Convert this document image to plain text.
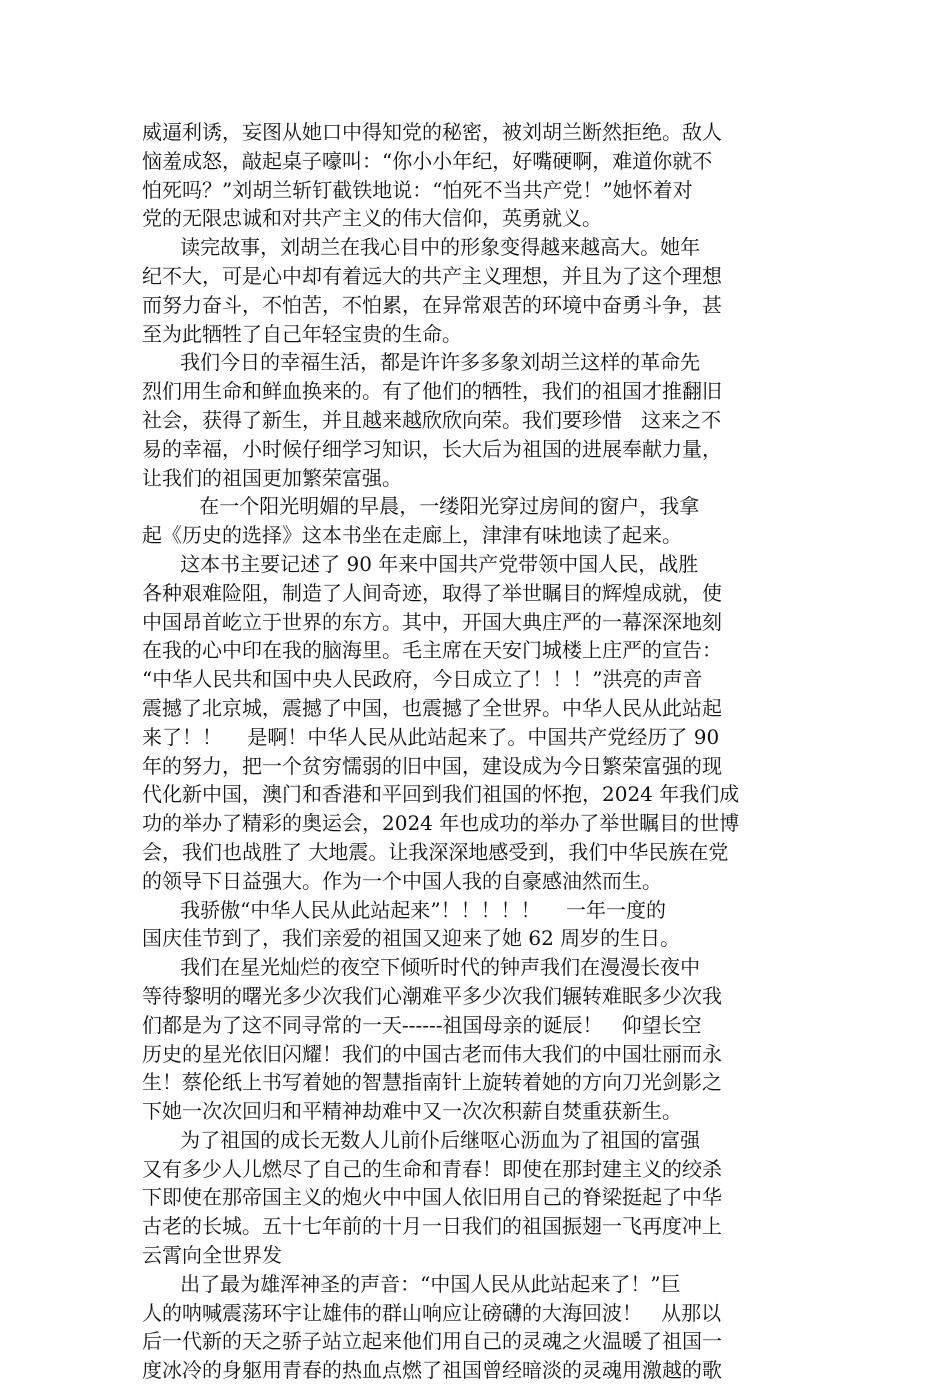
威逼利诱，妄图从她口中得知党的秘密，被刘胡兰断然拒绝。敌人
恼羞成怒，敲起桌子嚎叫：“你小小年纪，好嘴硬啊，难道你就不
怕死吗？”刘胡兰斩钉截铁地说：“怕死不当共产党！”她怀着对
党的无限忠诚和对共产主义的伟大信仰，英勇就义。
读完故事，刘胡兰在我心目中的形象变得越来越高大。她年
纪不大，可是心中却有着远大的共产主义理想，并且为了这个理想
而努力奋斗，不怕苦，不怕累，在异常艰苦的环境中奋勇斗争，甚
至为此牺牲了自己年轻宝贵的生命。
我们今日的幸福生活，都是许许多多象刘胡兰这样的革命先
烈们用生命和鲜血换来的。有了他们的牺牲，我们的祖国才推翻旧
社会，获得了新生，并且越来越欣欣向荣。我们要珍惜   这来之不
易的幸福，小时候仔细学习知识，长大后为祖国的进展奉献力量，
让我们的祖国更加繁荣富强。
在一个阳光明媚的早晨，一缕阳光穿过房间的窗户，我拿
起《历史的选择》这本书坐在走廊上，津津有味地读了起来。
这本书主要记述了 90 年来中国共产党带领中国人民，战胜
各种艰难险阻，制造了人间奇迹，取得了举世瞩目的辉煌成就，使
中国昂首屹立于世界的东方。其中，开国大典庄严的一幕深深地刻
在我的心中印在我的脑海里。毛主席在天安门城楼上庄严的宣告：
“中华人民共和国中央人民政府，今日成立了！！！”洪亮的声音
震撼了北京城，震撼了中国，也震撼了全世界。中华人民从此站起
来了！！    是啊！中华人民从此站起来了。中国共产党经历了 90
年的努力，把一个贫穷懦弱的旧中国，建设成为今日繁荣富强的现
代化新中国，澳门和香港和平回到我们祖国的怀抱，2024 年我们成
功的举办了精彩的奥运会，2024 年也成功的举办了举世瞩目的世博
会，我们也战胜了 大地震。让我深深地感受到，我们中华民族在党
的领导下日益强大。作为一个中国人我的自豪感油然而生。
我骄傲“中华人民从此站起来”！！！！！    一年一度的
国庆佳节到了，我们亲爱的祖国又迎来了她 62 周岁的生日。
我们在星光灿烂的夜空下倾听时代的钟声我们在漫漫长夜中
等待黎明的曙光多少次我们心潮难平多少次我们辗转难眠多少次我
们都是为了这不同寻常的一天------祖国母亲的诞辰！   仰望长空
历史的星光依旧闪耀！我们的中国古老而伟大我们的中国壮丽而永
生！蔡伦纸上书写着她的智慧指南针上旋转着她的方向刀光剑影之
下她一次次回归和平精神劫难中又一次次积薪自焚重获新生。
为了祖国的成长无数人儿前仆后继呕心沥血为了祖国的富强
又有多少人儿燃尽了自己的生命和青春！即使在那封建主义的绞杀
下即使在那帝国主义的炮火中中国人依旧用自己的脊梁挺起了中华
古老的长城。五十七年前的十月一日我们的祖国振翅一飞再度冲上
云霄向全世界发
出了最为雄浑神圣的声音：“中国人民从此站起来了！”巨
人的呐喊震荡环宇让雄伟的群山响应让磅礴的大海回波！   从那以
后一代新的天之骄子站立起来他们用自己的灵魂之火温暖了祖国一
度冰冷的身躯用青春的热血点燃了祖国曾经暗淡的灵魂用激越的歌
